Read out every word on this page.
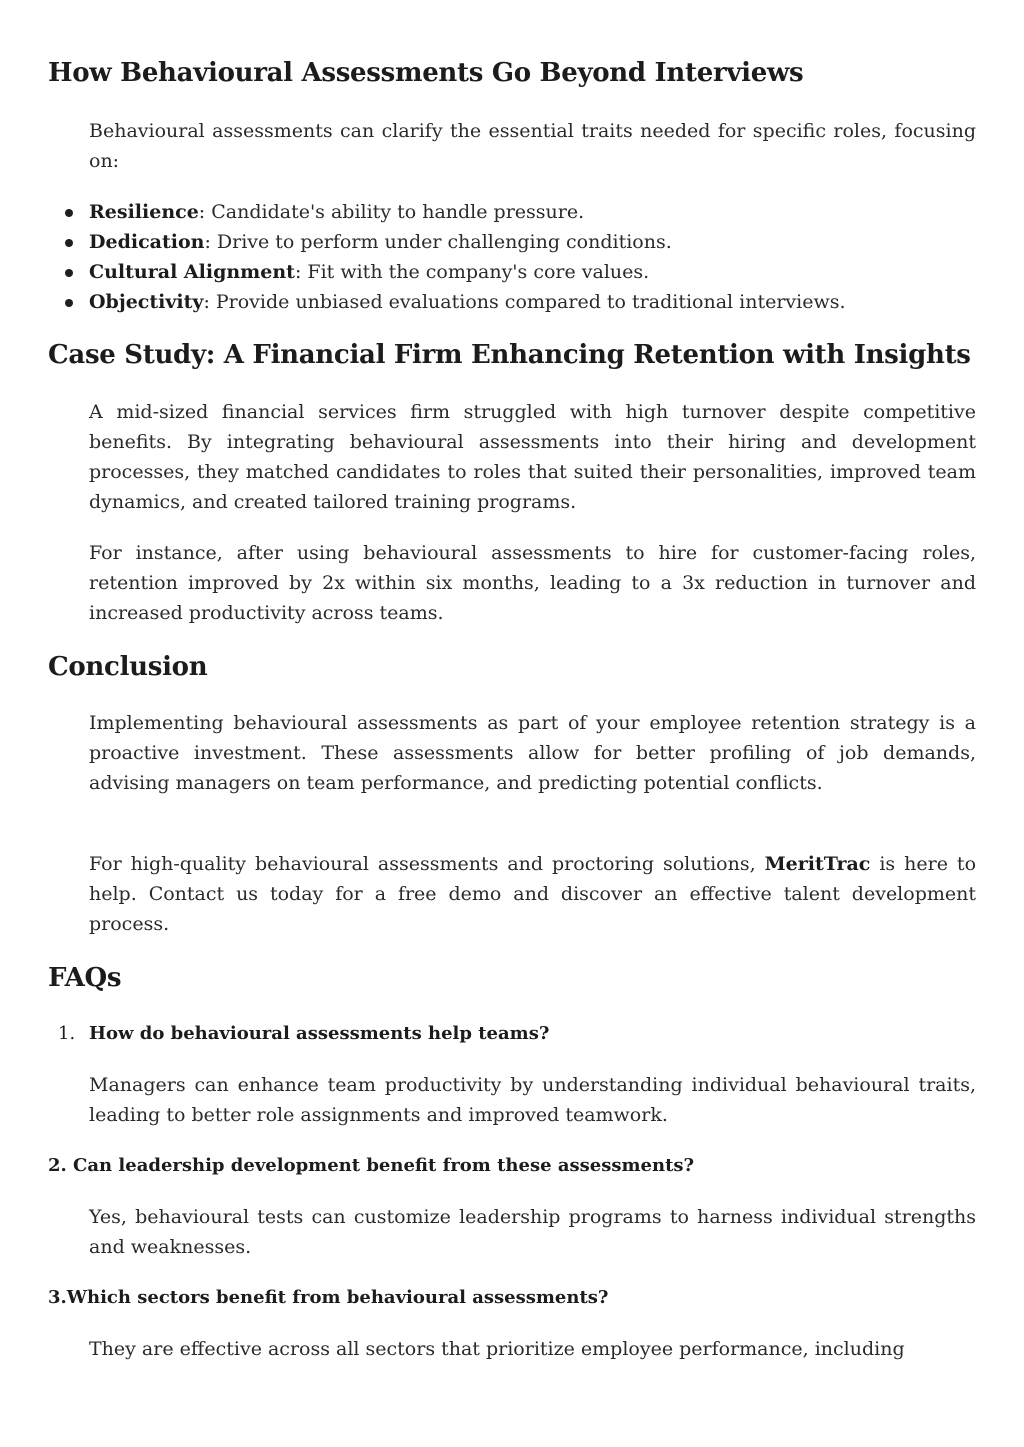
How Behavioural Assessments Go Beyond Interviews

Behavioural assessments can clarify the essential traits needed for specific roles, focusing on:

Resilience: Candidate's ability to handle pressure.
Dedication: Drive to perform under challenging conditions.
Cultural Alignment: Fit with the company's core values.
Objectivity: Provide unbiased evaluations compared to traditional interviews.
Case Study: A Financial Firm Enhancing Retention with Insights

A mid-sized financial services firm struggled with high turnover despite competitive benefits. By integrating behavioural assessments into their hiring and development processes, they matched candidates to roles that suited their personalities, improved team dynamics, and created tailored training programs.

For instance, after using behavioural assessments to hire for customer-facing roles, retention improved by 2x within six months, leading to a 3x reduction in turnover and increased productivity across teams.

Conclusion

Implementing behavioural assessments as part of your employee retention strategy is a proactive investment. These assessments allow for better profiling of job demands, advising managers on team performance, and predicting potential conflicts.

For high-quality behavioural assessments and proctoring solutions, MeritTrac is here to help. Contact us today for a free demo and discover an effective talent development process.

FAQs

1. How do behavioural assessments help teams?

Managers can enhance team productivity by understanding individual behavioural traits, leading to better role assignments and improved teamwork.

2. Can leadership development benefit from these assessments?

Yes, behavioural tests can customize leadership programs to harness individual strengths and weaknesses.

3.Which sectors benefit from behavioural assessments?

They are effective across all sectors that prioritize employee performance, including
